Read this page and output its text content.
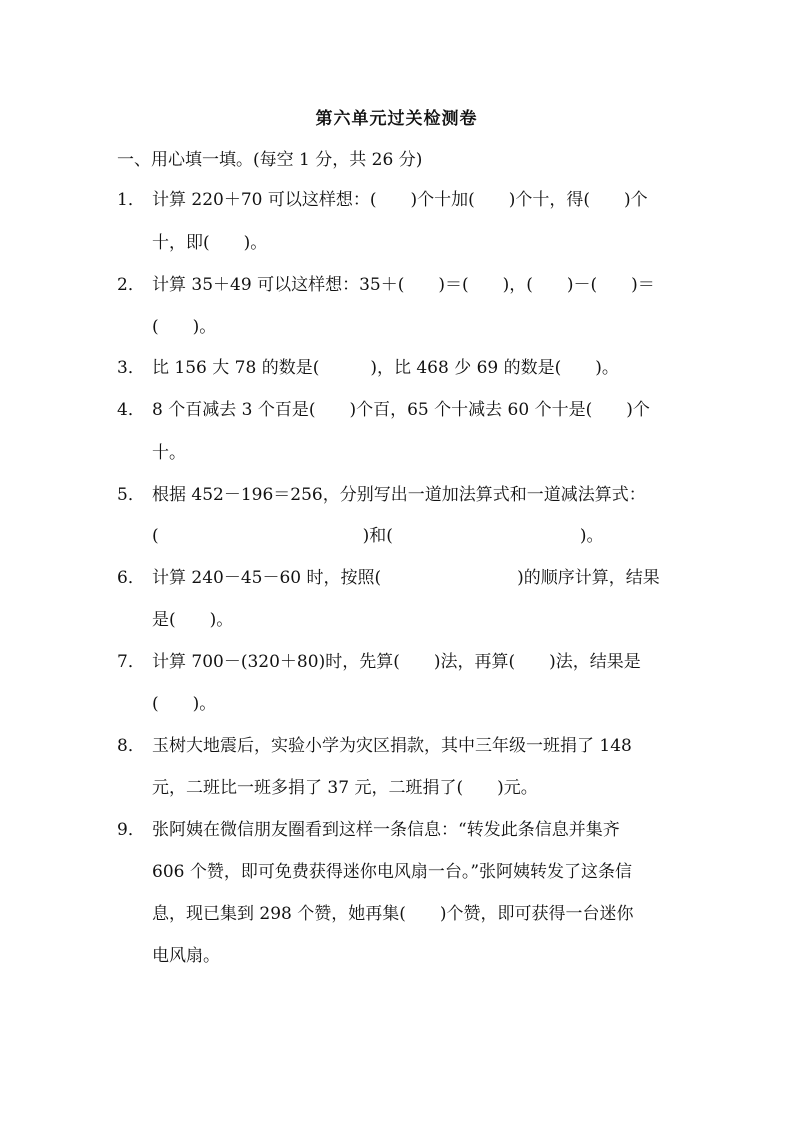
第六单元过关检测卷
一、用心填一填。(每空 1 分，共 26 分)
1． 计算 220＋70 可以这样想：(　　)个十加(　　)个十，得(　　)个
十，即(　　)。
2． 计算 35＋49 可以这样想：35＋(　　)＝(　　)，(　　)－(　　)＝
(　　)。
3． 比 156 大 78 的数是(　　　)，比 468 少 69 的数是(　　)。
4． 8 个百减去 3 个百是(　　)个百，65 个十减去 60 个十是(　　)个
十。
5． 根据 452－196＝256，分别写出一道加法算式和一道减法算式：
(　　　　　　　　　　　　)和(　　　　　　　　　　　)。
6． 计算 240－45－60 时，按照(　　　　　　　　)的顺序计算，结果
是(　　)。
7． 计算 700－(320＋80)时，先算(　　)法，再算(　　)法，结果是
(　　)。
8． 玉树大地震后，实验小学为灾区捐款，其中三年级一班捐了 148
元，二班比一班多捐了 37 元，二班捐了(　　)元。
9． 张阿姨在微信朋友圈看到这样一条信息：“转发此条信息并集齐
606 个赞，即可免费获得迷你电风扇一台。”张阿姨转发了这条信
息，现已集到 298 个赞，她再集(　　)个赞，即可获得一台迷你
电风扇。
